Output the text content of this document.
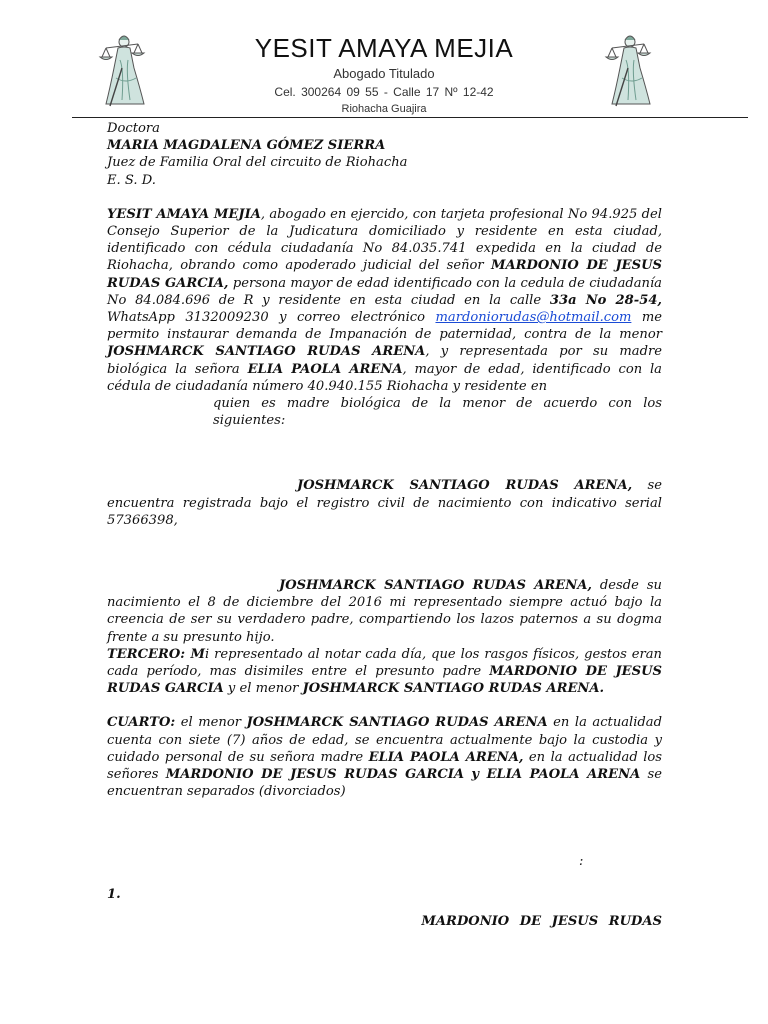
YESIT AMAYA MEJIA
Abogado Titulado
Cel. 300264 09 55 - Calle 17 Nº 12-42
Riohacha Guajira

Doctora

MARIA MAGDALENA GÓMEZ SIERRA

Juez de Familia Oral del circuito de Riohacha

E. S. D.

YESIT AMAYA MEJIA, abogado en ejercido, con tarjeta profesional No 94.925 del Consejo Superior de la Judicatura domiciliado y residente en esta ciudad, identificado con cédula ciudadanía No 84.035.741 expedida en la ciudad de Riohacha, obrando como apoderado judicial del señor MARDONIO DE JESUS RUDAS GARCIA, persona mayor de edad identificado con la cedula de ciudadanía No 84.084.696 de R y residente en esta ciudad en la calle 33a No 28-54, WhatsApp 3132009230 y correo electrónico mardoniorudas@hotmail.com me permito instaurar demanda de Impanación de paternidad, contra de la menor JOSHMARCK SANTIAGO RUDAS ARENA, y representada por su madre biológica la señora ELIA PAOLA ARENA, mayor de edad, identificado con la cédula de ciudadanía número 40.940.155 Riohacha y residente en

quien es madre biológica de la menor de acuerdo con los siguientes:

JOSHMARCK SANTIAGO RUDAS ARENA, se encuentra registrada bajo el registro civil de nacimiento con indicativo serial 57366398,

JOSHMARCK SANTIAGO RUDAS ARENA, desde su nacimiento el 8 de diciembre del 2016 mi representado siempre actuó bajo la creencia de ser su verdadero padre, compartiendo los lazos paternos a su dogma frente a su presunto hijo.

TERCERO: Mi representado al notar cada día, que los rasgos físicos, gestos eran cada período, mas disimiles entre el presunto padre MARDONIO DE JESUS RUDAS GARCIA y el menor JOSHMARCK SANTIAGO RUDAS ARENA.

CUARTO: el menor JOSHMARCK SANTIAGO RUDAS ARENA en la actualidad cuenta con siete (7) años de edad, se encuentra actualmente bajo la custodia y cuidado personal de su señora madre ELIA PAOLA ARENA, en la actualidad los señores MARDONIO DE JESUS RUDAS GARCIA y ELIA PAOLA ARENA se encuentran separados (divorciados)

:

1.

MARDONIO DE JESUS RUDAS
